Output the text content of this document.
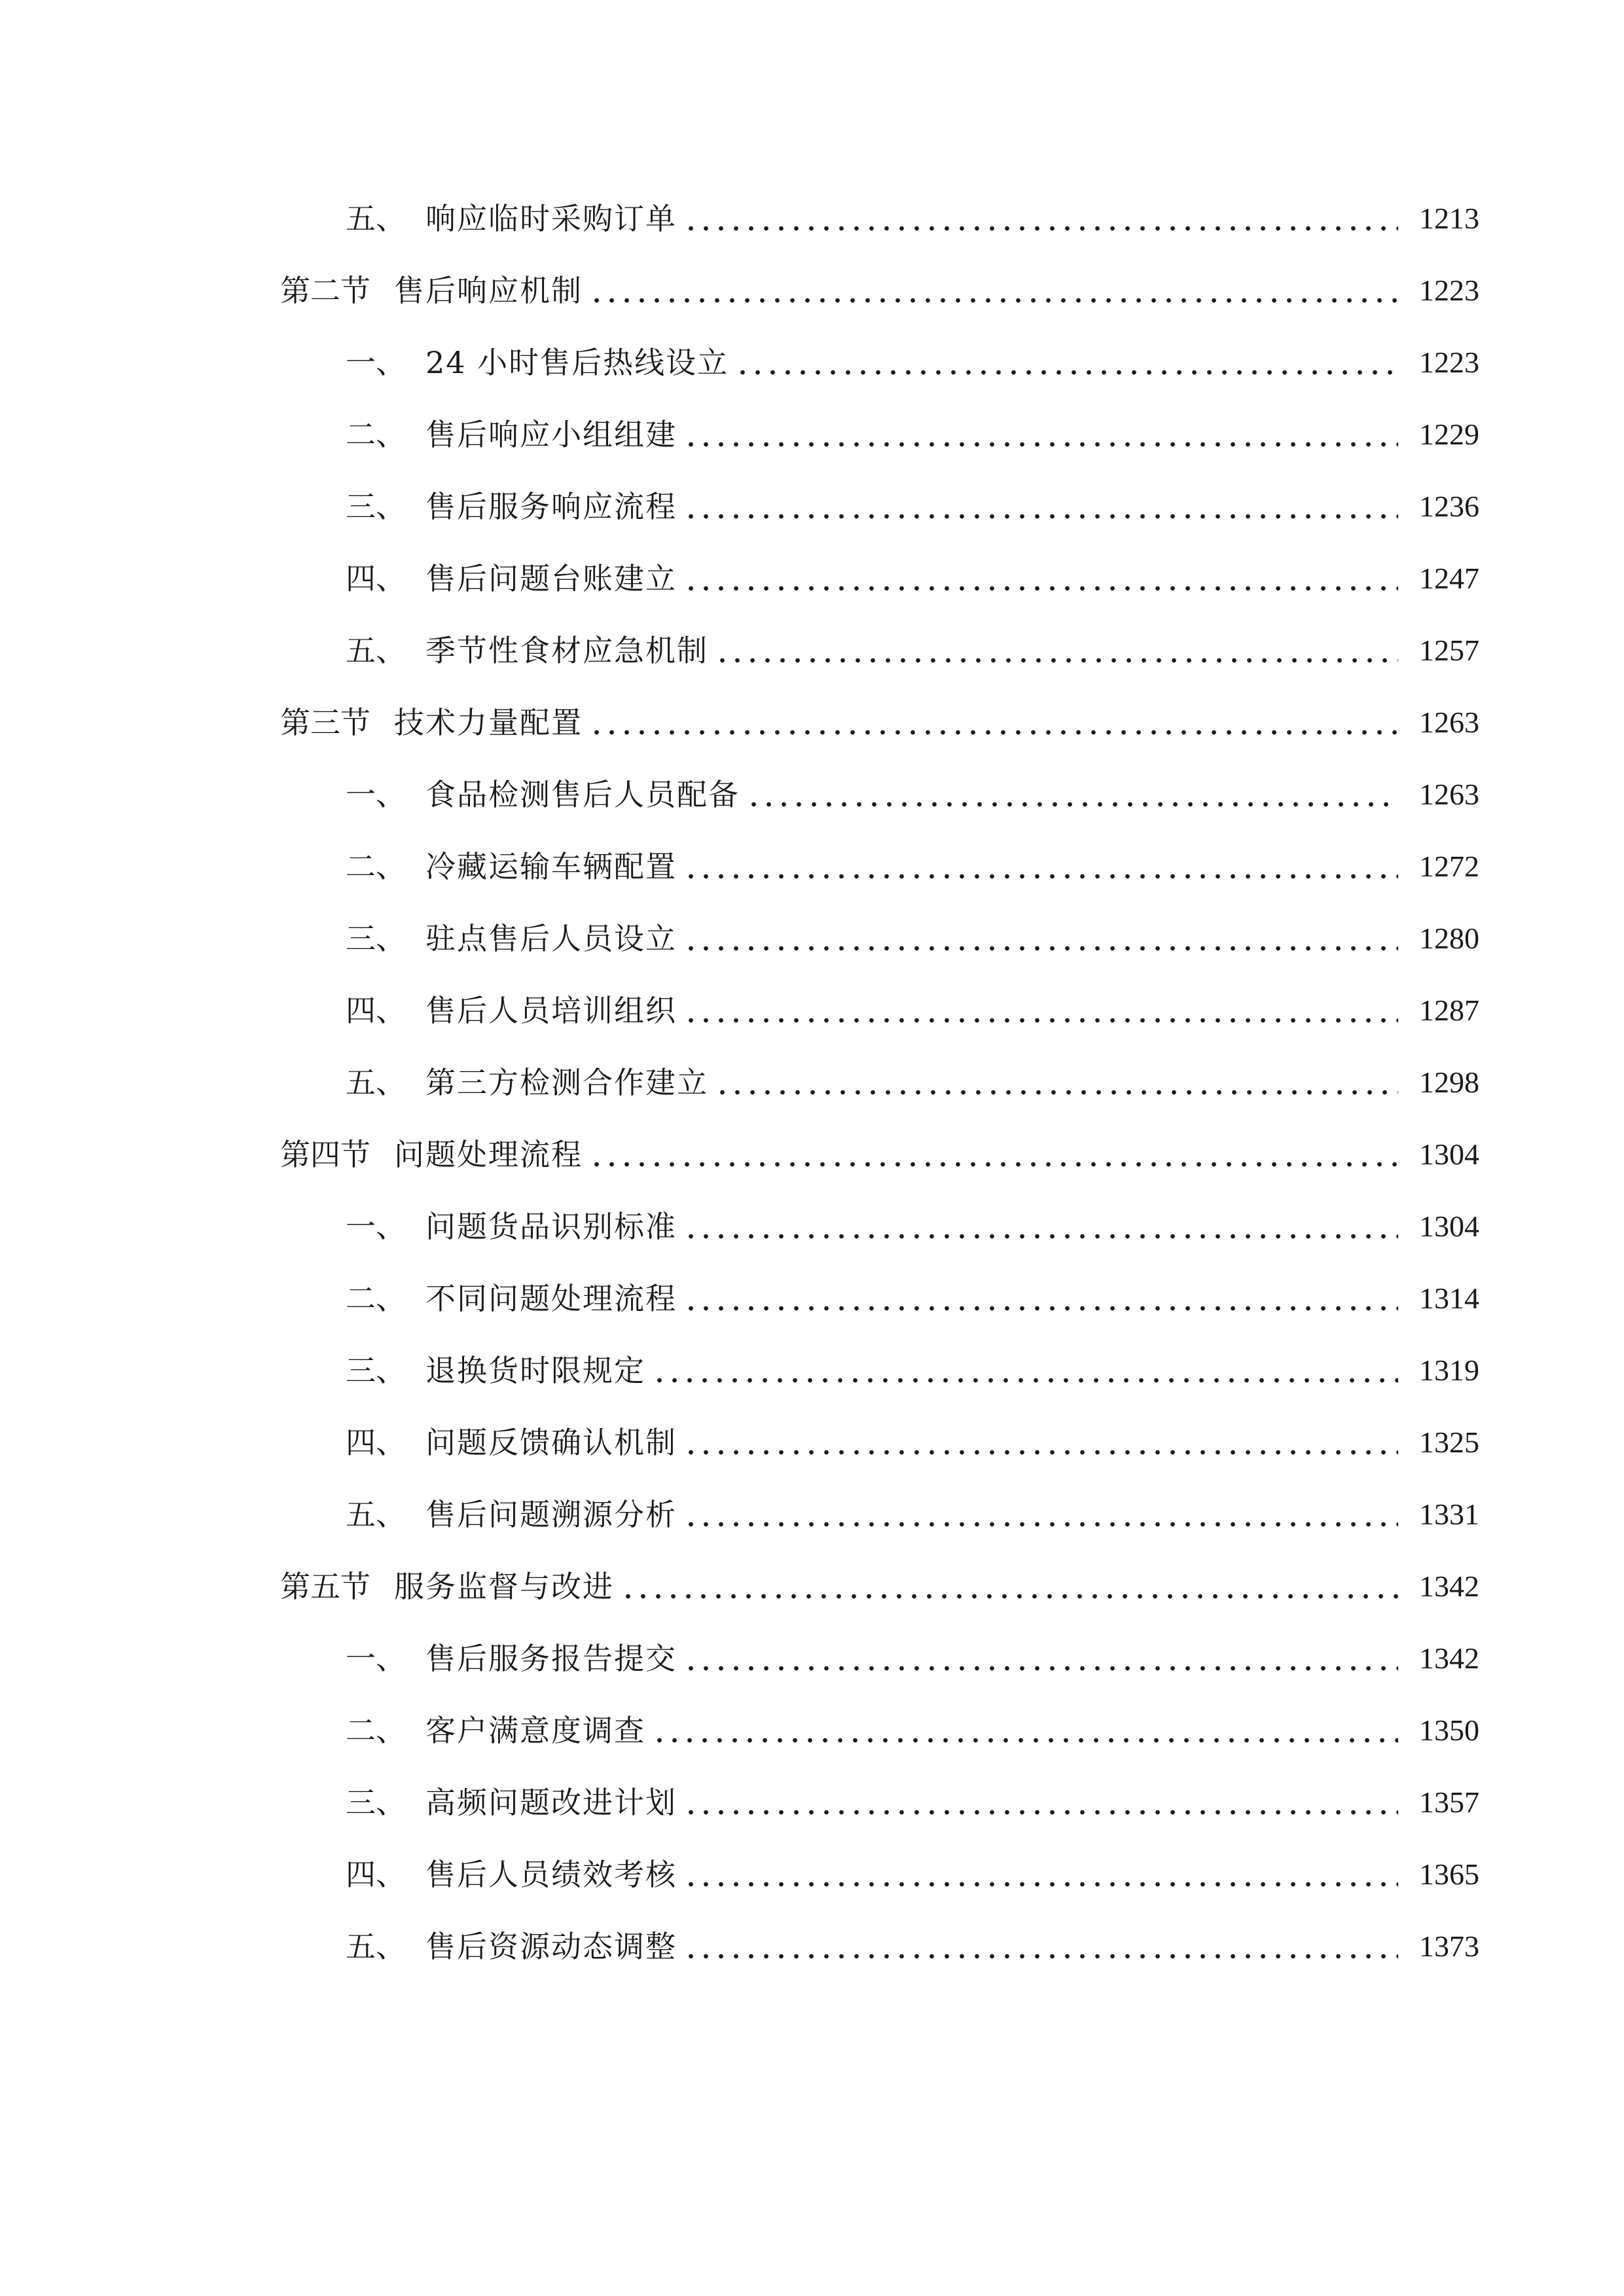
五、 响应临时采购订单	1213
第二节 售后响应机制	1223
一、 24 小时售后热线设立	1223
二、 售后响应小组组建	1229
三、 售后服务响应流程	1236
四、 售后问题台账建立	1247
五、 季节性食材应急机制	1257
第三节 技术力量配置	1263
一、 食品检测售后人员配备	1263
二、 冷藏运输车辆配置	1272
三、 驻点售后人员设立	1280
四、 售后人员培训组织	1287
五、 第三方检测合作建立	1298
第四节 问题处理流程	1304
一、 问题货品识别标准	1304
二、 不同问题处理流程	1314
三、 退换货时限规定	1319
四、 问题反馈确认机制	1325
五、 售后问题溯源分析	1331
第五节 服务监督与改进	1342
一、 售后服务报告提交	1342
二、 客户满意度调查	1350
三、 高频问题改进计划	1357
四、 售后人员绩效考核	1365
五、 售后资源动态调整	1373
